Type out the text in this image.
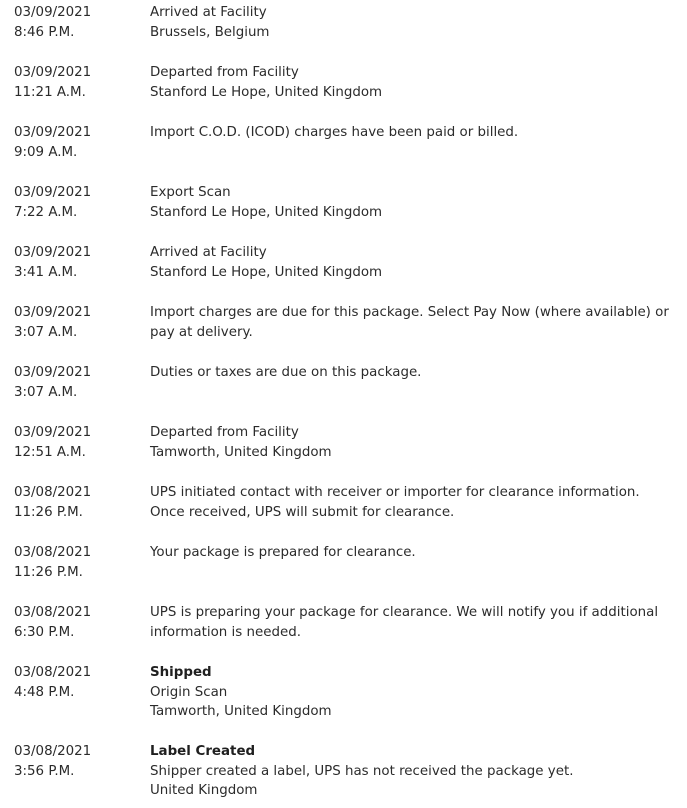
03/09/2021
8:46 P.M.
Arrived at Facility
Brussels, Belgium
03/09/2021
11:21 A.M.
Departed from Facility
Stanford Le Hope, United Kingdom
03/09/2021
9:09 A.M.
Import C.O.D. (ICOD) charges have been paid or billed.
03/09/2021
7:22 A.M.
Export Scan
Stanford Le Hope, United Kingdom
03/09/2021
3:41 A.M.
Arrived at Facility
Stanford Le Hope, United Kingdom
03/09/2021
3:07 A.M.
Import charges are due for this package. Select Pay Now (where available) or pay at delivery.
03/09/2021
3:07 A.M.
Duties or taxes are due on this package.
03/09/2021
12:51 A.M.
Departed from Facility
Tamworth, United Kingdom
03/08/2021
11:26 P.M.
UPS initiated contact with receiver or importer for clearance information. Once received, UPS will submit for clearance.
03/08/2021
11:26 P.M.
Your package is prepared for clearance.
03/08/2021
6:30 P.M.
UPS is preparing your package for clearance. We will notify you if additional information is needed.
03/08/2021
4:48 P.M.
Shipped
Origin Scan
Tamworth, United Kingdom
03/08/2021
3:56 P.M.
Label Created
Shipper created a label, UPS has not received the package yet.
United Kingdom
